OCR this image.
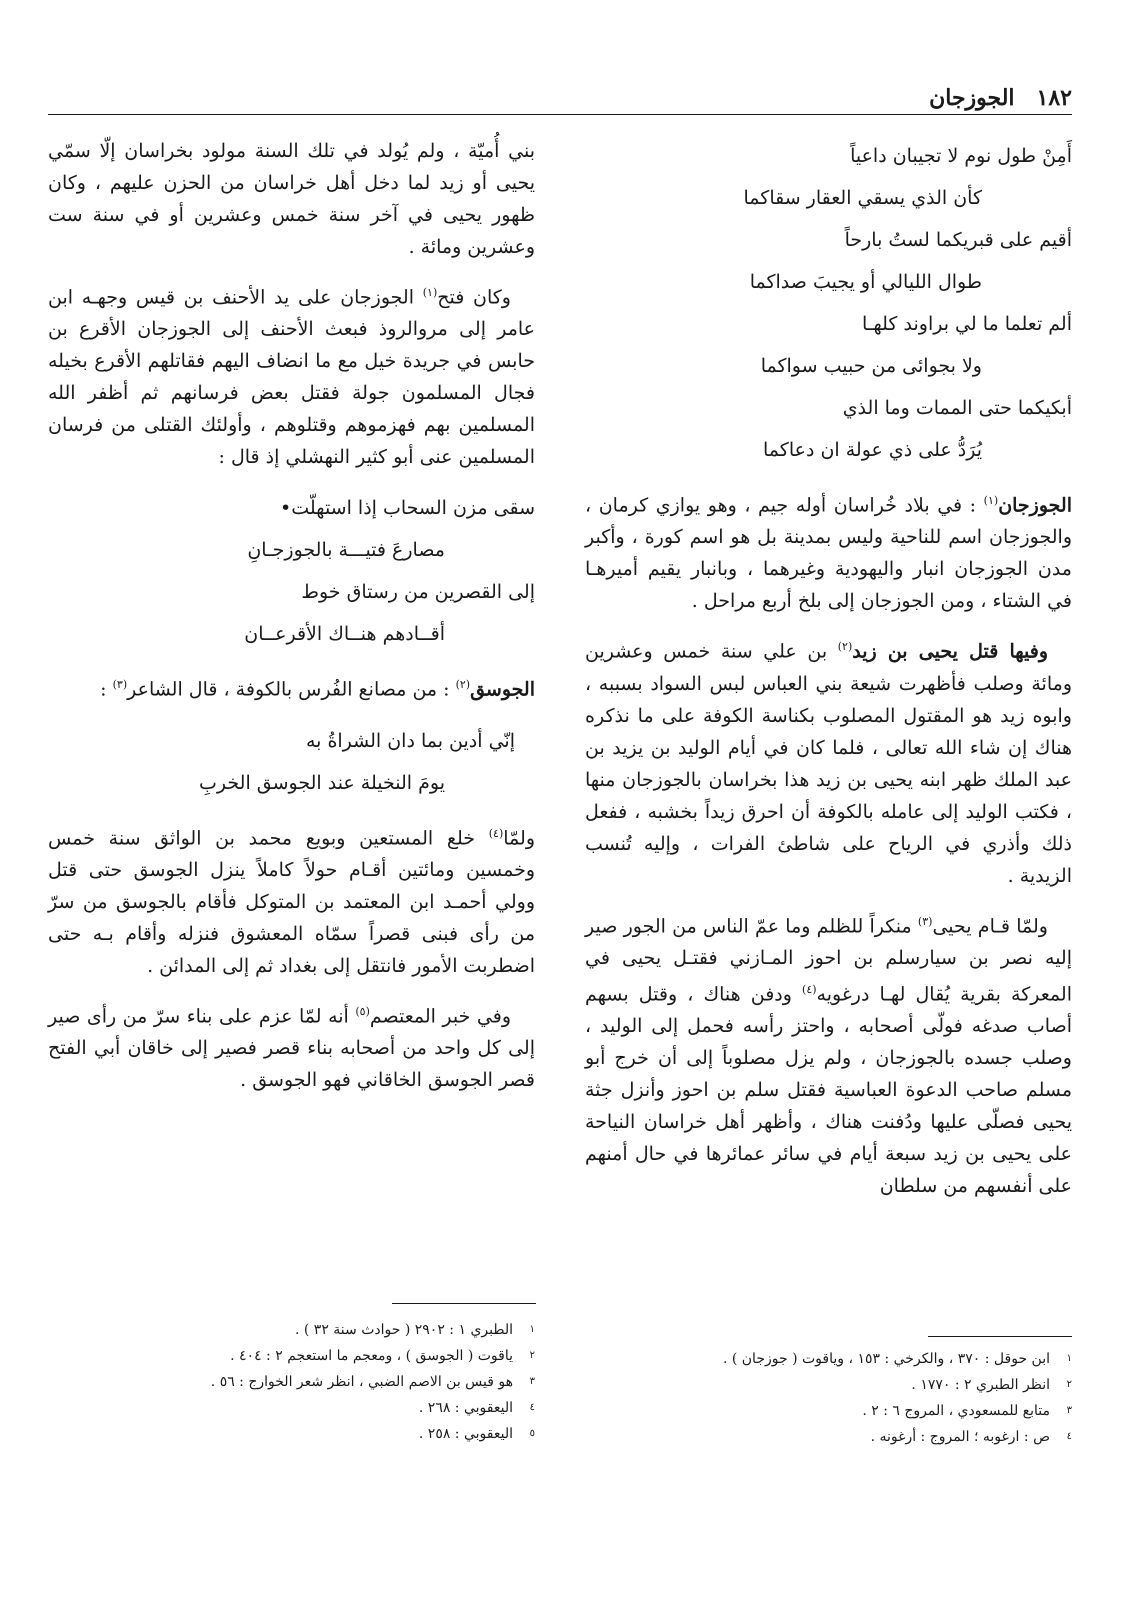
١٨٢
الجوزجان
أَمِنْ طول نوم لا تجيبان داعياً
كأن الذي يسقي العقار سقاكما
أقيم على قبريكما لستُ بارحاً
طوال الليالي أو يجيبَ صداكما
ألم تعلما ما لي براوند كلهـا
ولا بجوائى من حبيب سواكما
أبكيكما حتى الممات وما الذي
يُرَدُّ على ذي عولة ان دعاكما

الجوزجان$^{(١)}$ : في بلاد خُراسان أوله جيم ، وهو يوازي كرمان ، والجوزجان اسم للناحية وليس بمدينة بل هو اسم كورة ، وأكبر مدن الجوزجان انبار واليهودية وغيرهما ، وبانبار يقيم أميرهـا في الشتاء ، ومن الجوزجان إلى بلخ أربع مراحل .

وفيها قتل يحيى بن زيد$^{(٢)}$ بن علي سنة خمس وعشرين ومائة وصلب فأظهرت شيعة بني العباس لبس السواد بسببه ، وابوه زيد هو المقتول المصلوب بكناسة الكوفة على ما نذكره هناك إن شاء الله تعالى ، فلما كان في أيام الوليد بن يزيد بن عبد الملك ظهر ابنه يحيى بن زيد هذا بخراسان بالجوزجان منها ، فكتب الوليد إلى عامله بالكوفة أن احرق زيداً بخشبه ، ففعل ذلك وأذري في الرياح على شاطئ الفرات ، وإليه تُنسب الزيدية .

ولمّا قـام يحيى$^{(٣)}$ منكراً للظلم وما عمّ الناس من الجور صير إليه نصر بن سيارسلم بن احوز المـازني فقتـل يحيى في المعركة بقرية يُقال لهـا درغويه$^{(٤)}$ ودفن هناك ، وقتل بسهم أصاب صدغه فولّى أصحابه ، واحتز رأسه فحمل إلى الوليد ، وصلب جسده بالجوزجان ، ولم يزل مصلوباً إلى أن خرج أبو مسلم صاحب الدعوة العباسية فقتل سلم بن احوز وأنزل جثة يحيى فصلّى عليها ودُفنت هناك ، وأظهر أهل خراسان النياحة على يحيى بن زيد سبعة أيام في سائر عمائرها في حال أمنهم على أنفسهم من سلطان

بني أُميّة ، ولم يُولد في تلك السنة مولود بخراسان إلّا سمّي يحيى أو زيد لما دخل أهل خراسان من الحزن عليهم ، وكان ظهور يحيى في آخر سنة خمس وعشرين أو في سنة ست وعشرين ومائة .

وكان فتح$^{(١)}$ الجوزجان على يد الأحنف بن قيس وجهـه ابن عامر إلى مروالروذ فبعث الأحنف إلى الجوزجان الأقرع بن حابس في جريدة خيل مع ما انضاف اليهم فقاتلهم الأقرع بخيله فجال المسلمون جولة فقتل بعض فرسانهم ثم أظفر الله المسلمين بهم فهزموهم وقتلوهم ، وأولئك القتلى من فرسان المسلمين عنى أبو كثير النهشلي إذ قال :

سقى مزن السحاب إذا استهلّت•
مصارعَ فتيـــة بالجوزجـانِ
إلى القصرين من رستاق خوط
أقــادهم هنــاك الأقرعــان

الجوسق$^{(٢)}$ : من مصانع الفُرس بالكوفة ، قال الشاعر$^{(٣)}$ :

إنّي أدين بما دان الشراةُ به
يومَ النخيلة عند الجوسق الخربِ

ولمّا$^{(٤)}$ خلع المستعين وبويع محمد بن الواثق سنة خمس وخمسين ومائتين أقـام حولاً كاملاً ينزل الجوسق حتى قتل وولي أحمـد ابن المعتمد بن المتوكل فأقام بالجوسق من سرّ من رأى فبنى قصراً سمّاه المعشوق فنزله وأقام بـه حتى اضطربت الأمور فانتقل إلى بغداد ثم إلى المدائن .

وفي خبر المعتصم$^{(٥)}$ أنه لمّا عزم على بناء سرّ من رأى صير إلى كل واحد من أصحابه بناء قصر فصير إلى خاقان أبي الفتح قصر الجوسق الخاقاني فهو الجوسق .

١ابن حوقل : ٣٧٠ ، والكرخي : ١٥٣ ، وياقوت ( جوزجان ) .
٢انظر الطبري ٢ : ١٧٧٠ .
٣متابع للمسعودي ، المروج ٦ : ٢ .
٤ص : ارغوبه ؛ المروج : أرغونه .
١الطبري ١ : ٢٩٠٢ ( حوادث سنة ٣٢ ) .
٢ياقوت ( الجوسق ) ، ومعجم ما استعجم ٢ : ٤٠٤ .
٣هو قيس بن الاصم الضبي ، انظر شعر الخوارج : ٥٦ .
٤اليعقوبي : ٢٦٨ .
٥اليعقوبي : ٢٥٨ .
